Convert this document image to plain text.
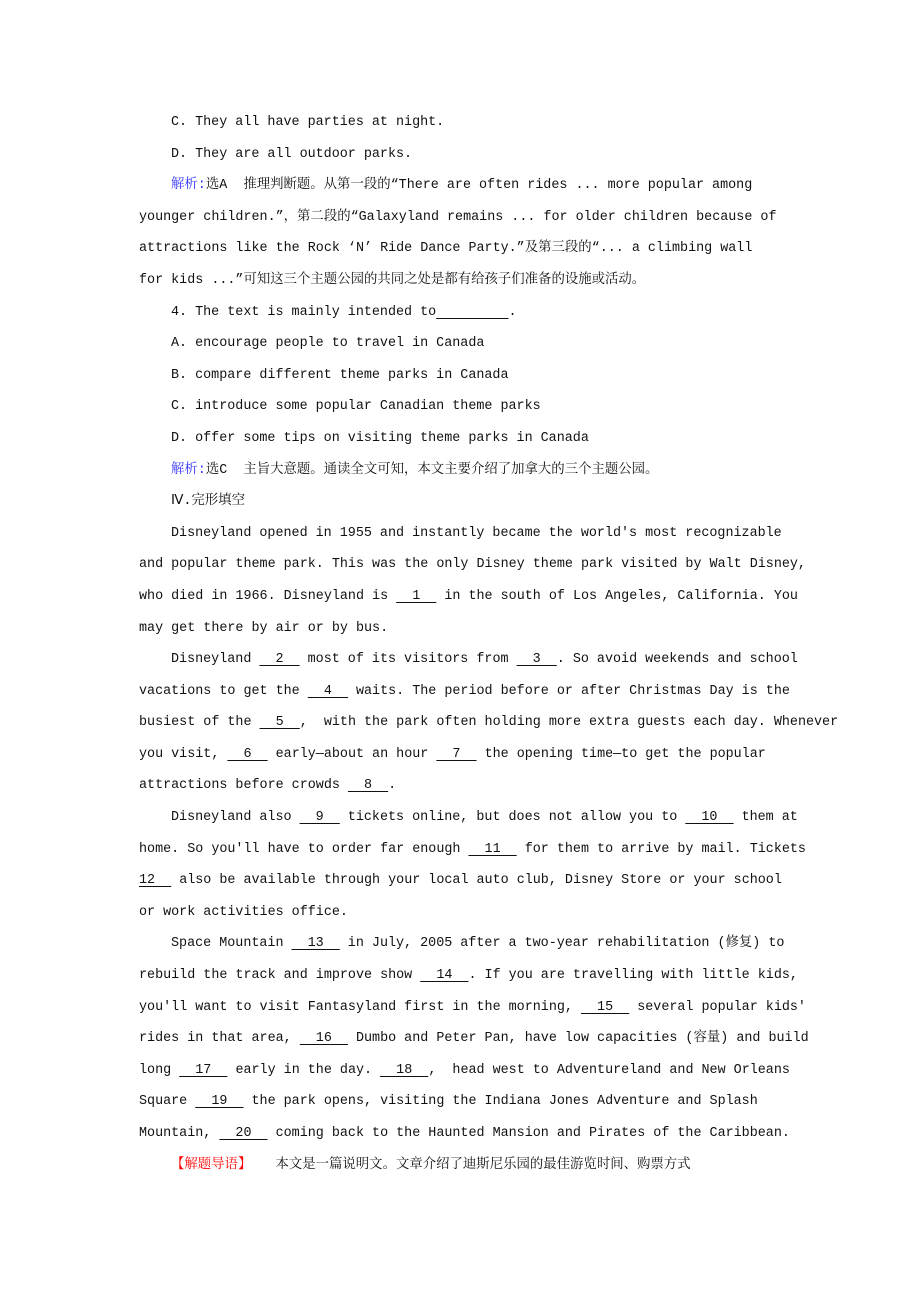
C. They all have parties at night.
D. They are all outdoor parks.
解析:选A  推理判断题。从第一段的“There are often rides ... more popular among
younger children.”，第二段的“Galaxyland remains ... for older children because of
attractions like the Rock ‘N’ Ride Dance Party.”及第三段的“... a climbing wall
for kids ...”可知这三个主题公园的共同之处是都有给孩子们准备的设施或活动。
4. The text is mainly intended to	.
A. encourage people to travel in Canada
B. compare different theme parks in Canada
C. introduce some popular Canadian theme parks
D. offer some tips on visiting theme parks in Canada
解析:选C  主旨大意题。通读全文可知，本文主要介绍了加拿大的三个主题公园。
Ⅳ.完形填空
Disneyland opened in 1955 and instantly became the world's most recognizable
and popular theme park. This was the only Disney theme park visited by Walt Disney,
who died in 1966. Disneyland is   1   in the south of Los Angeles, California. You
may get there by air or by bus.
Disneyland   2   most of its visitors from   3  . So avoid weekends and school
vacations to get the   4   waits. The period before or after Christmas Day is the
busiest of the   5  ,  with the park often holding more extra guests each day. Whenever
you visit,   6   early—about an hour   7   the opening time—to get the popular
attractions before crowds   8  .
Disneyland also   9   tickets online, but does not allow you to   10   them at
home. So you'll have to order far enough   11   for them to arrive by mail. Tickets
12   also be available through your local auto club, Disney Store or your school
or work activities office.
Space Mountain   13   in July, 2005 after a two-year rehabilitation (修复) to
rebuild the track and improve show   14  . If you are travelling with little kids,
you'll want to visit Fantasyland first in the morning,   15   several popular kids'
rides in that area,   16   Dumbo and Peter Pan, have low capacities (容量) and build
long   17   early in the day.   18  ,  head west to Adventureland and New Orleans
Square   19   the park opens, visiting the Indiana Jones Adventure and Splash
Mountain,   20   coming back to the Haunted Mansion and Pirates of the Caribbean.
【解题导语】   本文是一篇说明文。文章介绍了迪斯尼乐园的最佳游览时间、购票方式
